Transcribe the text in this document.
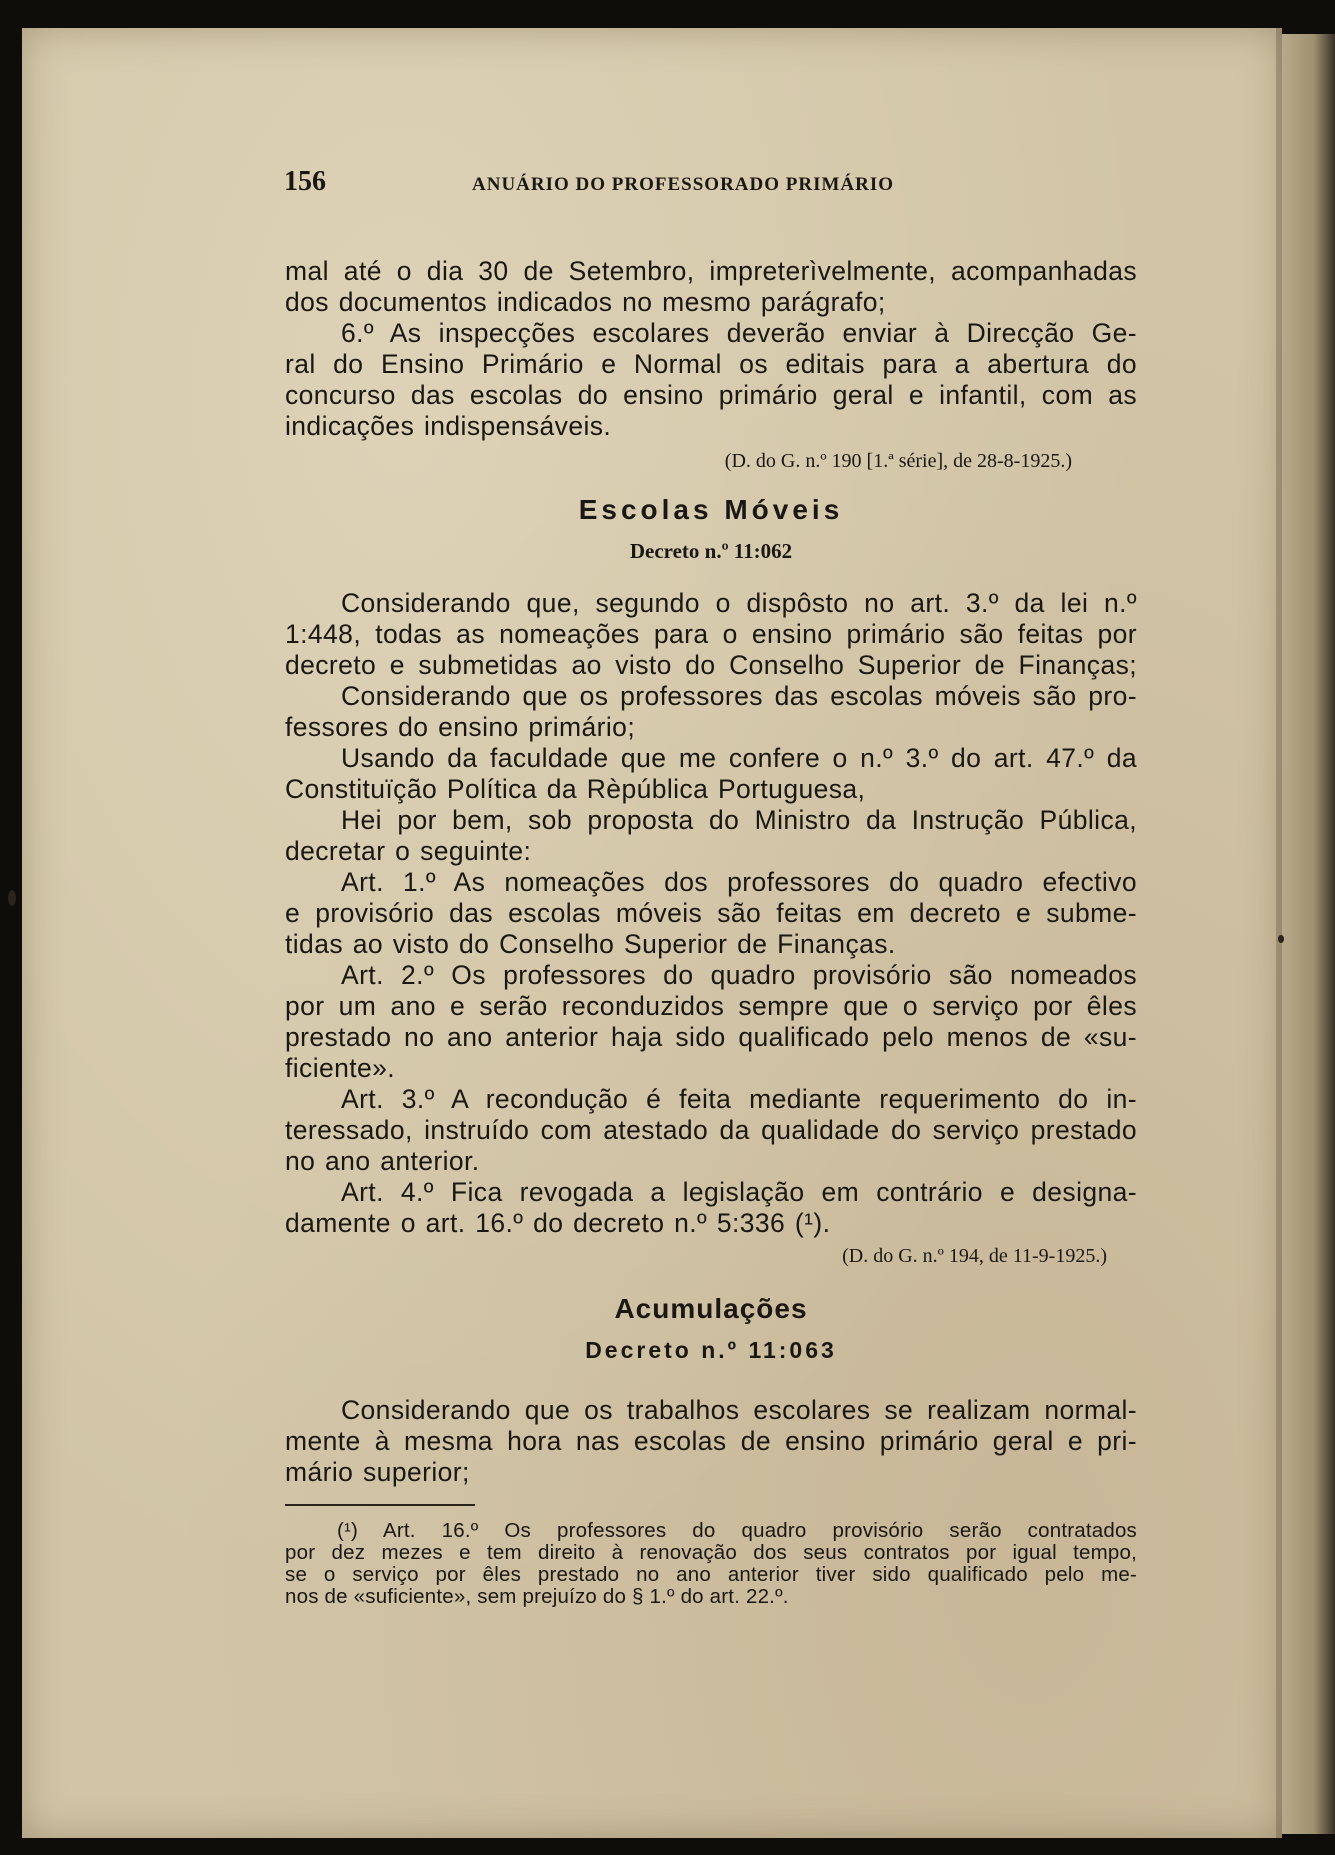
156	ANUÁRIO DO PROFESSORADO PRIMÁRIO
mal até o dia 30 de Setembro, impreterìvelmente, acompanhadas
dos documentos indicados no mesmo parágrafo;
6.º As inspecções escolares deverão enviar à Direcção Ge-
ral do Ensino Primário e Normal os editais para a abertura do
concurso das escolas do ensino primário geral e infantil, com as
indicações indispensáveis.
(D. do G. n.º 190 [1.ª série], de 28-8-1925.)
Escolas Móveis
Decreto n.º 11:062
Considerando que, segundo o dispôsto no art. 3.º da lei n.º
1:448, todas as nomeações para o ensino primário são feitas por
decreto e submetidas ao visto do Conselho Superior de Finanças;
Considerando que os professores das escolas móveis são pro-
fessores do ensino primário;
Usando da faculdade que me confere o n.º 3.º do art. 47.º da
Constituïção Política da Rèpública Portuguesa,
Hei por bem, sob proposta do Ministro da Instrução Pública,
decretar o seguinte:
Art. 1.º As nomeações dos professores do quadro efectivo
e provisório das escolas móveis são feitas em decreto e subme-
tidas ao visto do Conselho Superior de Finanças.
Art. 2.º Os professores do quadro provisório são nomeados
por um ano e serão reconduzidos sempre que o serviço por êles
prestado no ano anterior haja sido qualificado pelo menos de «su-
ficiente».
Art. 3.º A recondução é feita mediante requerimento do in-
teressado, instruído com atestado da qualidade do serviço prestado
no ano anterior.
Art. 4.º Fica revogada a legislação em contrário e designa-
damente o art. 16.º do decreto n.º 5:336 (¹).
(D. do G. n.º 194, de 11-9-1925.)
Acumulações
Decreto n.º 11:063
Considerando que os trabalhos escolares se realizam normal-
mente à mesma hora nas escolas de ensino primário geral e pri-
mário superior;
(¹) Art. 16.º Os professores do quadro provisório serão contratados
por dez mezes e tem direito à renovação dos seus contratos por igual tempo,
se o serviço por êles prestado no ano anterior tiver sido qualificado pelo me-
nos de «suficiente», sem prejuízo do § 1.º do art. 22.º.
